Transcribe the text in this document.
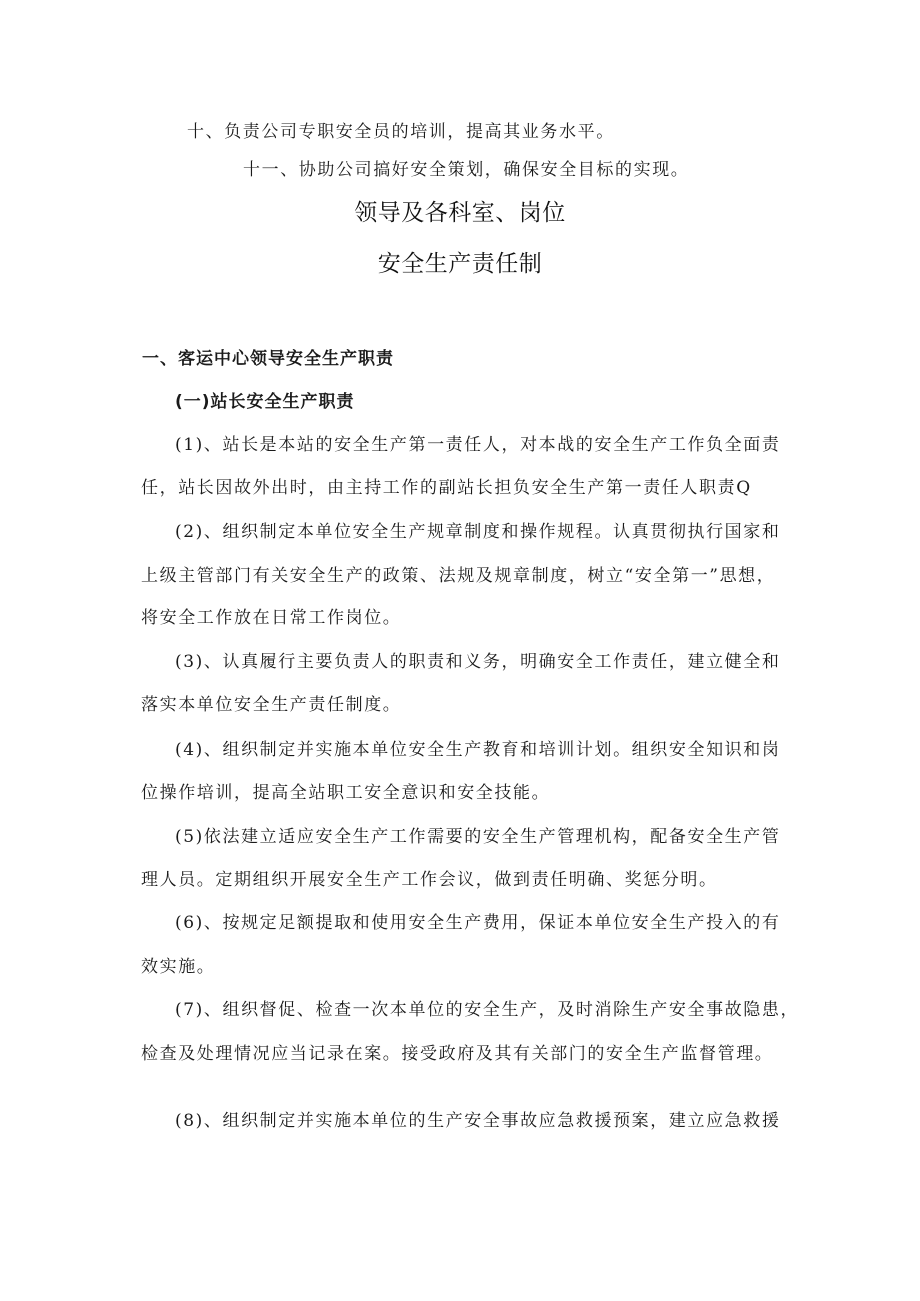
十、负责公司专职安全员的培训，提高其业务水平。
十一、协助公司搞好安全策划，确保安全目标的实现。
领导及各科室、岗位
安全生产责任制
一、客运中心领导安全生产职责
(一)站长安全生产职责
(1)、站长是本站的安全生产第一责任人，对本战的安全生产工作负全面责
任，站长因故外出时，由主持工作的副站长担负安全生产第一责任人职责Q
(2)、组织制定本单位安全生产规章制度和操作规程。认真贯彻执行国家和
上级主管部门有关安全生产的政策、法规及规章制度，树立“安全第一”思想，
将安全工作放在日常工作岗位。
(3)、认真履行主要负责人的职责和义务，明确安全工作责任，建立健全和
落实本单位安全生产责任制度。
(4)、组织制定并实施本单位安全生产教育和培训计划。组织安全知识和岗
位操作培训，提高全站职工安全意识和安全技能。
(5)依法建立适应安全生产工作需要的安全生产管理机构，配备安全生产管
理人员。定期组织开展安全生产工作会议，做到责任明确、奖惩分明。
(6)、按规定足额提取和使用安全生产费用，保证本单位安全生产投入的有
效实施。
(7)、组织督促、检查一次本单位的安全生产，及时消除生产安全事故隐患，
检查及处理情况应当记录在案。接受政府及其有关部门的安全生产监督管理。
(8)、组织制定并实施本单位的生产安全事故应急救援预案，建立应急救援
